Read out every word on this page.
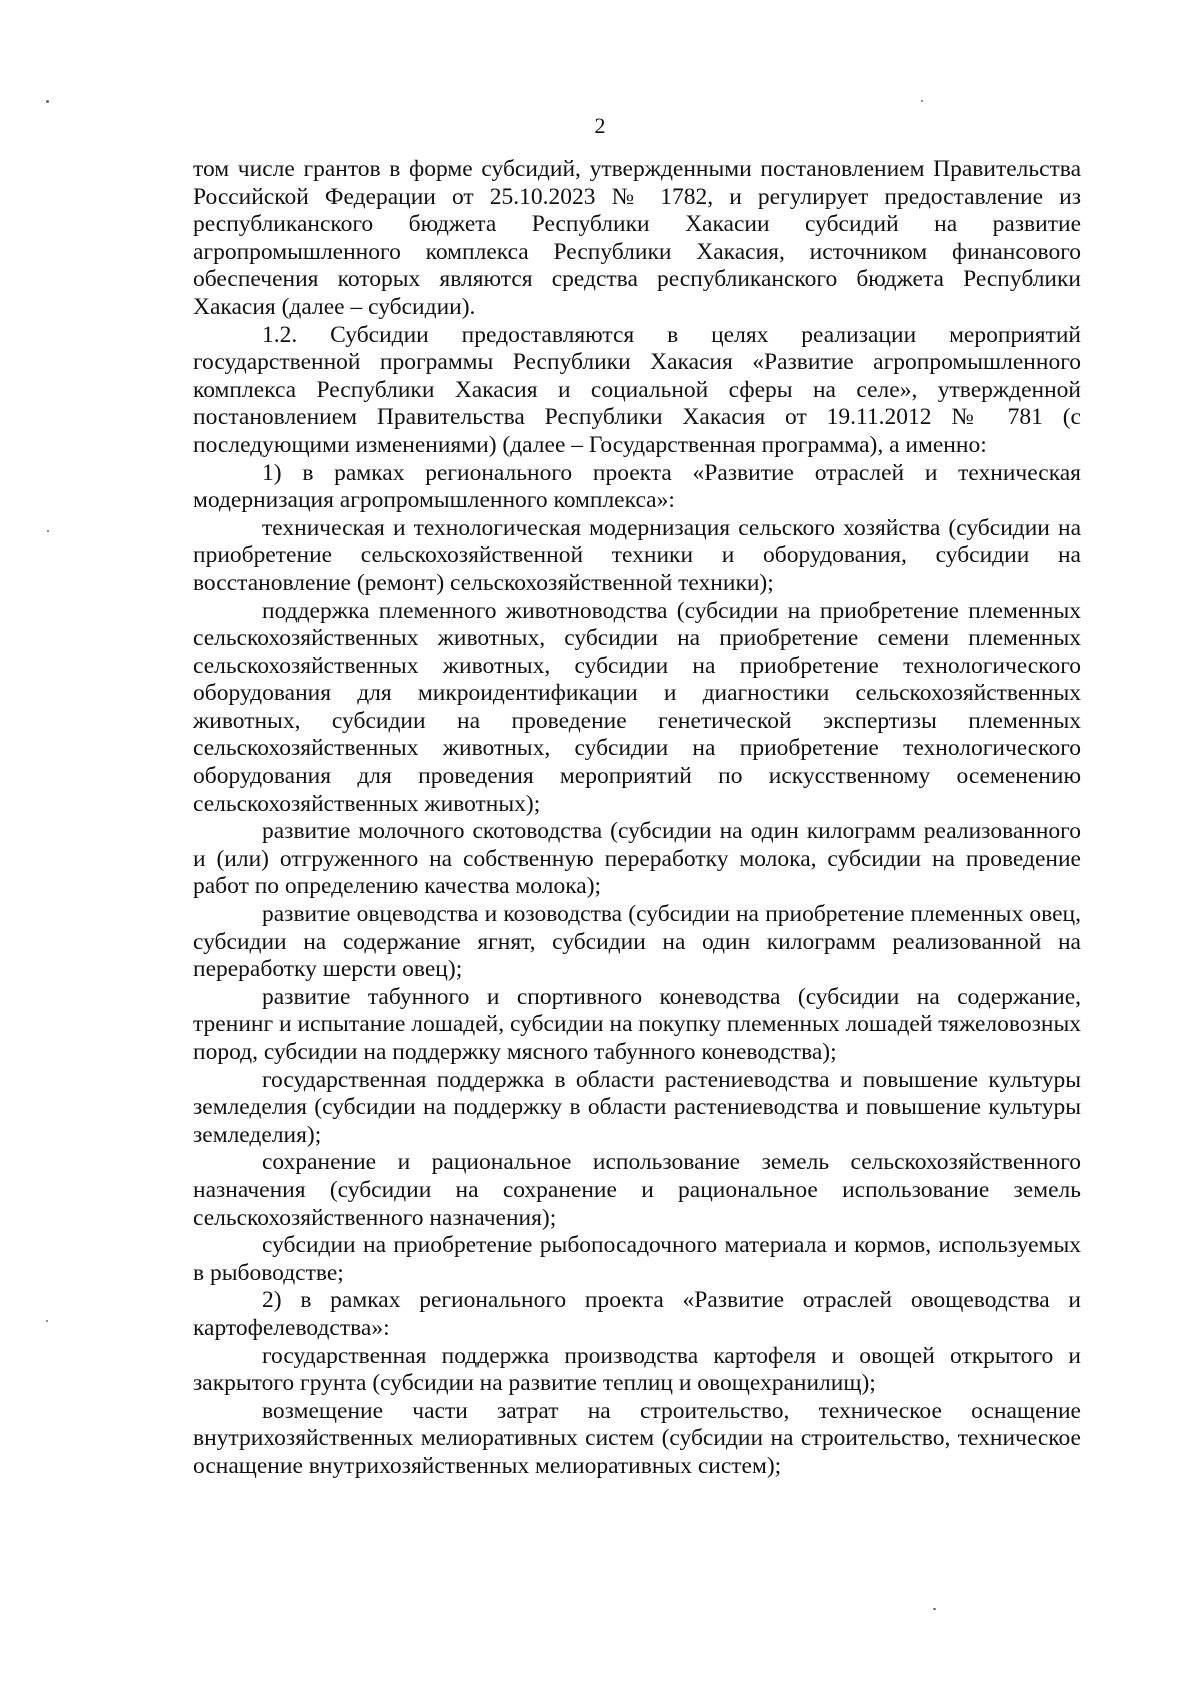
2

том числе грантов в форме субсидий, утвержденными постановлением Правительства Российской Федерации от 25.10.2023 № 1782, и регулирует предоставление из республиканского бюджета Республики Хакасии субсидий на развитие агропромышленного комплекса Республики Хакасия, источником финансового обеспечения которых являются средства республиканского бюджета Республики Хакасия (далее – субсидии).

1.2. Субсидии предоставляются в целях реализации мероприятий государственной программы Республики Хакасия «Развитие агропромышленного комплекса Республики Хакасия и социальной сферы на селе», утвержденной постановлением Правительства Республики Хакасия от 19.11.2012 № 781 (с последующими изменениями) (далее – Государственная программа), а именно:

1) в рамках регионального проекта «Развитие отраслей и техническая модернизация агропромышленного комплекса»:

техническая и технологическая модернизация сельского хозяйства (субсидии на приобретение сельскохозяйственной техники и оборудования, субсидии на восстановление (ремонт) сельскохозяйственной техники);

поддержка племенного животноводства (субсидии на приобретение племенных сельскохозяйственных животных, субсидии на приобретение семени племенных сельскохозяйственных животных, субсидии на приобретение технологического оборудования для микроидентификации и диагностики сельскохозяйственных животных, субсидии на проведение генетической экспертизы племенных сельскохозяйственных животных, субсидии на приобретение технологического оборудования для проведения мероприятий по искусственному осеменению сельскохозяйственных животных);

развитие молочного скотоводства (субсидии на один килограмм реализованного и (или) отгруженного на собственную переработку молока, субсидии на проведение работ по определению качества молока);

развитие овцеводства и козоводства (субсидии на приобретение племенных овец, субсидии на содержание ягнят, субсидии на один килограмм реализованной на переработку шерсти овец);

развитие табунного и спортивного коневодства (субсидии на содержание, тренинг и испытание лошадей, субсидии на покупку племенных лошадей тяжеловозных пород, субсидии на поддержку мясного табунного коневодства);

государственная поддержка в области растениеводства и повышение культуры земледелия (субсидии на поддержку в области растениеводства и повышение культуры земледелия);

сохранение и рациональное использование земель сельскохозяйственного назначения (субсидии на сохранение и рациональное использование земель сельскохозяйственного назначения);

субсидии на приобретение рыбопосадочного материала и кормов, используемых в рыбоводстве;

2) в рамках регионального проекта «Развитие отраслей овощеводства и картофелеводства»:

государственная поддержка производства картофеля и овощей открытого и закрытого грунта (субсидии на развитие теплиц и овощехранилищ);

возмещение части затрат на строительство, техническое оснащение внутрихозяйственных мелиоративных систем (субсидии на строительство, техническое оснащение внутрихозяйственных мелиоративных систем);
